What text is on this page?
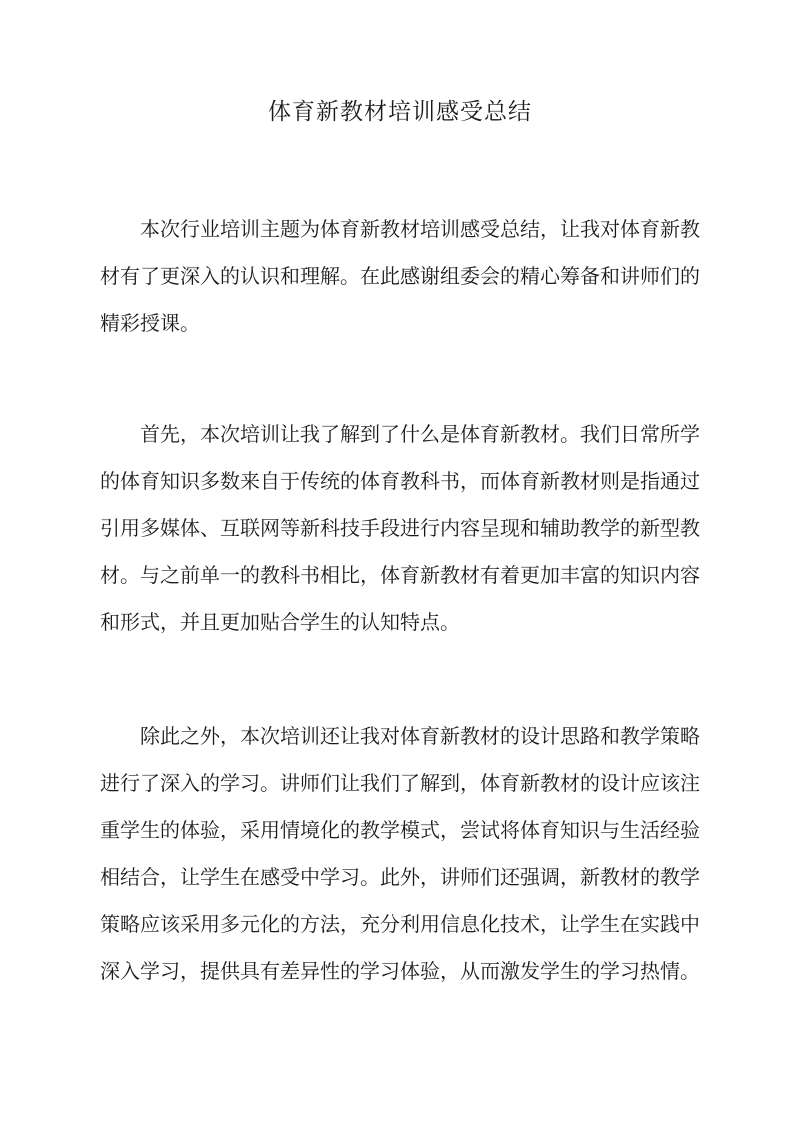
体育新教材培训感受总结

本次行业培训主题为体育新教材培训感受总结，让我对体育新教材有了更深入的认识和理解。在此感谢组委会的精心筹备和讲师们的精彩授课。

首先，本次培训让我了解到了什么是体育新教材。我们日常所学的体育知识多数来自于传统的体育教科书，而体育新教材则是指通过引用多媒体、互联网等新科技手段进行内容呈现和辅助教学的新型教材。与之前单一的教科书相比，体育新教材有着更加丰富的知识内容和形式，并且更加贴合学生的认知特点。

除此之外，本次培训还让我对体育新教材的设计思路和教学策略进行了深入的学习。讲师们让我们了解到，体育新教材的设计应该注重学生的体验，采用情境化的教学模式，尝试将体育知识与生活经验相结合，让学生在感受中学习。此外，讲师们还强调，新教材的教学策略应该采用多元化的方法，充分利用信息化技术，让学生在实践中深入学习，提供具有差异性的学习体验，从而激发学生的学习热情。
